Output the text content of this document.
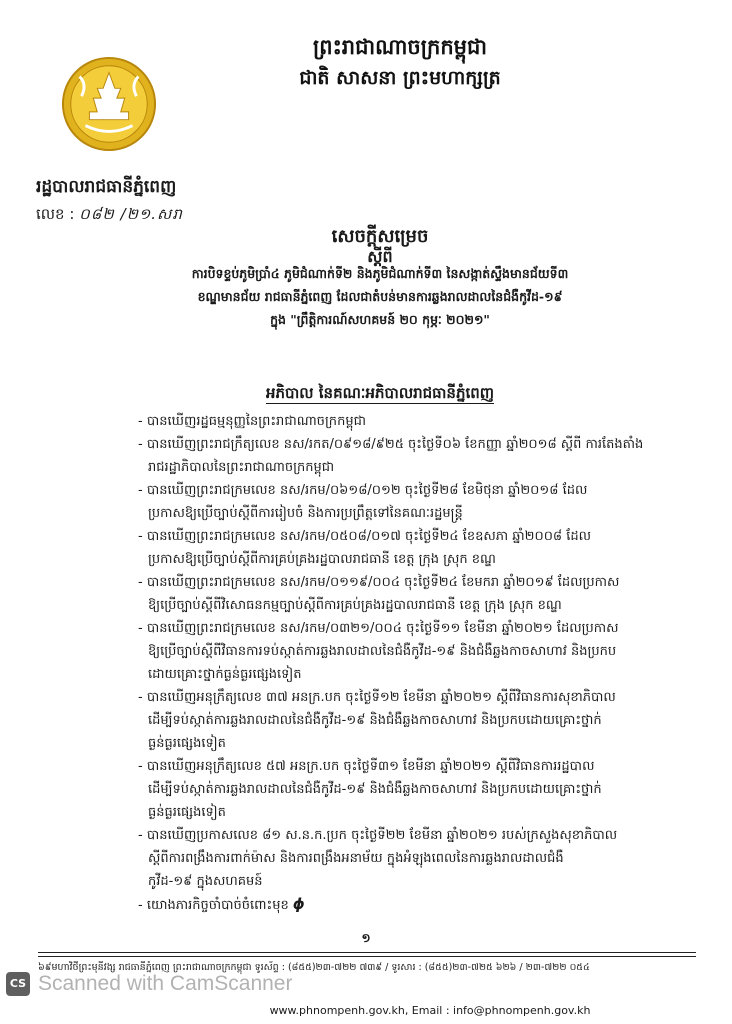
ព្រះរាជាណាចក្រកម្ពុជា
ជាតិ សាសនា ព្រះមហាក្សត្រ
រដ្ឋបាលរាជធានីភ្នំពេញ
លេខ : ០៨២ /២១.សរា
សេចក្តីសម្រេច
ស្តីពី
ការបិទខ្ទប់ភូមិប្រាំ៤ ភូមិជំណាក់ទី២ និងភូមិជំណាក់ទី៣ នៃសង្កាត់ស្ទឹងមានជ័យទី៣
ខណ្ឌមានជ័យ រាជធានីភ្នំពេញ ដែលជាតំបន់មានការឆ្លងរាលដាលនៃជំងឺកូវីដ-១៩
ក្នុង "ព្រឹត្តិការណ៍សហគមន៍ ២០ កុម្ភៈ ២០២១"
អភិបាល នៃគណៈអភិបាលរាជធានីភ្នំពេញ
- បានឃើញរដ្ឋធម្មនុញ្ញនៃព្រះរាជាណាចក្រកម្ពុជា
- បានឃើញព្រះរាជក្រឹត្យលេខ នស/រកត/០៩១៨/៩២៥ ចុះថ្ងៃទី០៦ ខែកញ្ញា ឆ្នាំ២០១៨ ស្តីពី ការតែងតាំង
រាជរដ្ឋាភិបាលនៃព្រះរាជាណាចក្រកម្ពុជា
- បានឃើញព្រះរាជក្រមលេខ នស/រកម/០៦១៨/០១២ ចុះថ្ងៃទី២៨ ខែមិថុនា ឆ្នាំ២០១៨ ដែល
ប្រកាសឱ្យប្រើច្បាប់ស្តីពីការរៀបចំ និងការប្រព្រឹត្តទៅនៃគណៈរដ្ឋមន្ត្រី
- បានឃើញព្រះរាជក្រមលេខ នស/រកម/០៥០៨/០១៧ ចុះថ្ងៃទី២៤ ខែឧសភា ឆ្នាំ២០០៨ ដែល
ប្រកាសឱ្យប្រើច្បាប់ស្តីពីការគ្រប់គ្រងរដ្ឋបាលរាជធានី ខេត្ត ក្រុង ស្រុក ខណ្ឌ
- បានឃើញព្រះរាជក្រមលេខ នស/រកម/០១១៩/០០៤ ចុះថ្ងៃទី២៤ ខែមករា ឆ្នាំ២០១៩ ដែលប្រកាស
ឱ្យប្រើច្បាប់ស្តីពីវិសោធនកម្មច្បាប់ស្តីពីការគ្រប់គ្រងរដ្ឋបាលរាជធានី ខេត្ត ក្រុង ស្រុក ខណ្ឌ
- បានឃើញព្រះរាជក្រមលេខ នស/រកម/០៣២១/០០៤ ចុះថ្ងៃទី១១ ខែមីនា ឆ្នាំ២០២១ ដែលប្រកាស
ឱ្យប្រើច្បាប់ស្តីពីវិធានការទប់ស្កាត់ការឆ្លងរាលដាលនៃជំងឺកូវីដ-១៩ និងជំងឺឆ្លងកាចសាហាវ និងប្រកប
ដោយគ្រោះថ្នាក់ធ្ងន់ធ្ងរផ្សេងទៀត
- បានឃើញអនុក្រឹត្យលេខ ៣៧ អនក្រ.បក ចុះថ្ងៃទី១២ ខែមីនា ឆ្នាំ២០២១ ស្តីពីវិធានការសុខាភិបាល
ដើម្បីទប់ស្កាត់ការឆ្លងរាលដាលនៃជំងឺកូវីដ-១៩ និងជំងឺឆ្លងកាចសាហាវ និងប្រកបដោយគ្រោះថ្នាក់
ធ្ងន់ធ្ងរផ្សេងទៀត
- បានឃើញអនុក្រឹត្យលេខ ៥៧ អនក្រ.បក ចុះថ្ងៃទី៣១ ខែមីនា ឆ្នាំ២០២១ ស្តីពីវិធានការរដ្ឋបាល
ដើម្បីទប់ស្កាត់ការឆ្លងរាលដាលនៃជំងឺកូវីដ-១៩ និងជំងឺឆ្លងកាចសាហាវ និងប្រកបដោយគ្រោះថ្នាក់
ធ្ងន់ធ្ងរផ្សេងទៀត
- បានឃើញប្រកាសលេខ ៨១ ស.ន.ក.ប្រក ចុះថ្ងៃទី២២ ខែមីនា ឆ្នាំ២០២១ របស់ក្រសួងសុខាភិបាល
ស្តីពីការពង្រឹងការពាក់ម៉ាស និងការពង្រឹងអនាម័យ ក្នុងអំឡុងពេលនៃការឆ្លងរាលដាលជំងឺ
កូវីដ-១៩ ក្នុងសហគមន៍
- យោងភារកិច្ចចាំបាច់ចំពោះមុខ ϕ
១
៦៩មហាវិថីព្រះមុនីវង្ស រាជធានីភ្នំពេញ ព្រះរាជាណាចក្រកម្ពុជា ទូរស័ព្ទ : (៨៥៥)២៣-៧២២ ៧៣៩ / ទូរសារ : (៨៥៥)២៣-៧២៥ ៦២៦ / ២៣-៧២២ ០៥៤
CS Scanned with CamScanner
www.phnompenh.gov.kh, Email : info@phnompenh.gov.kh
